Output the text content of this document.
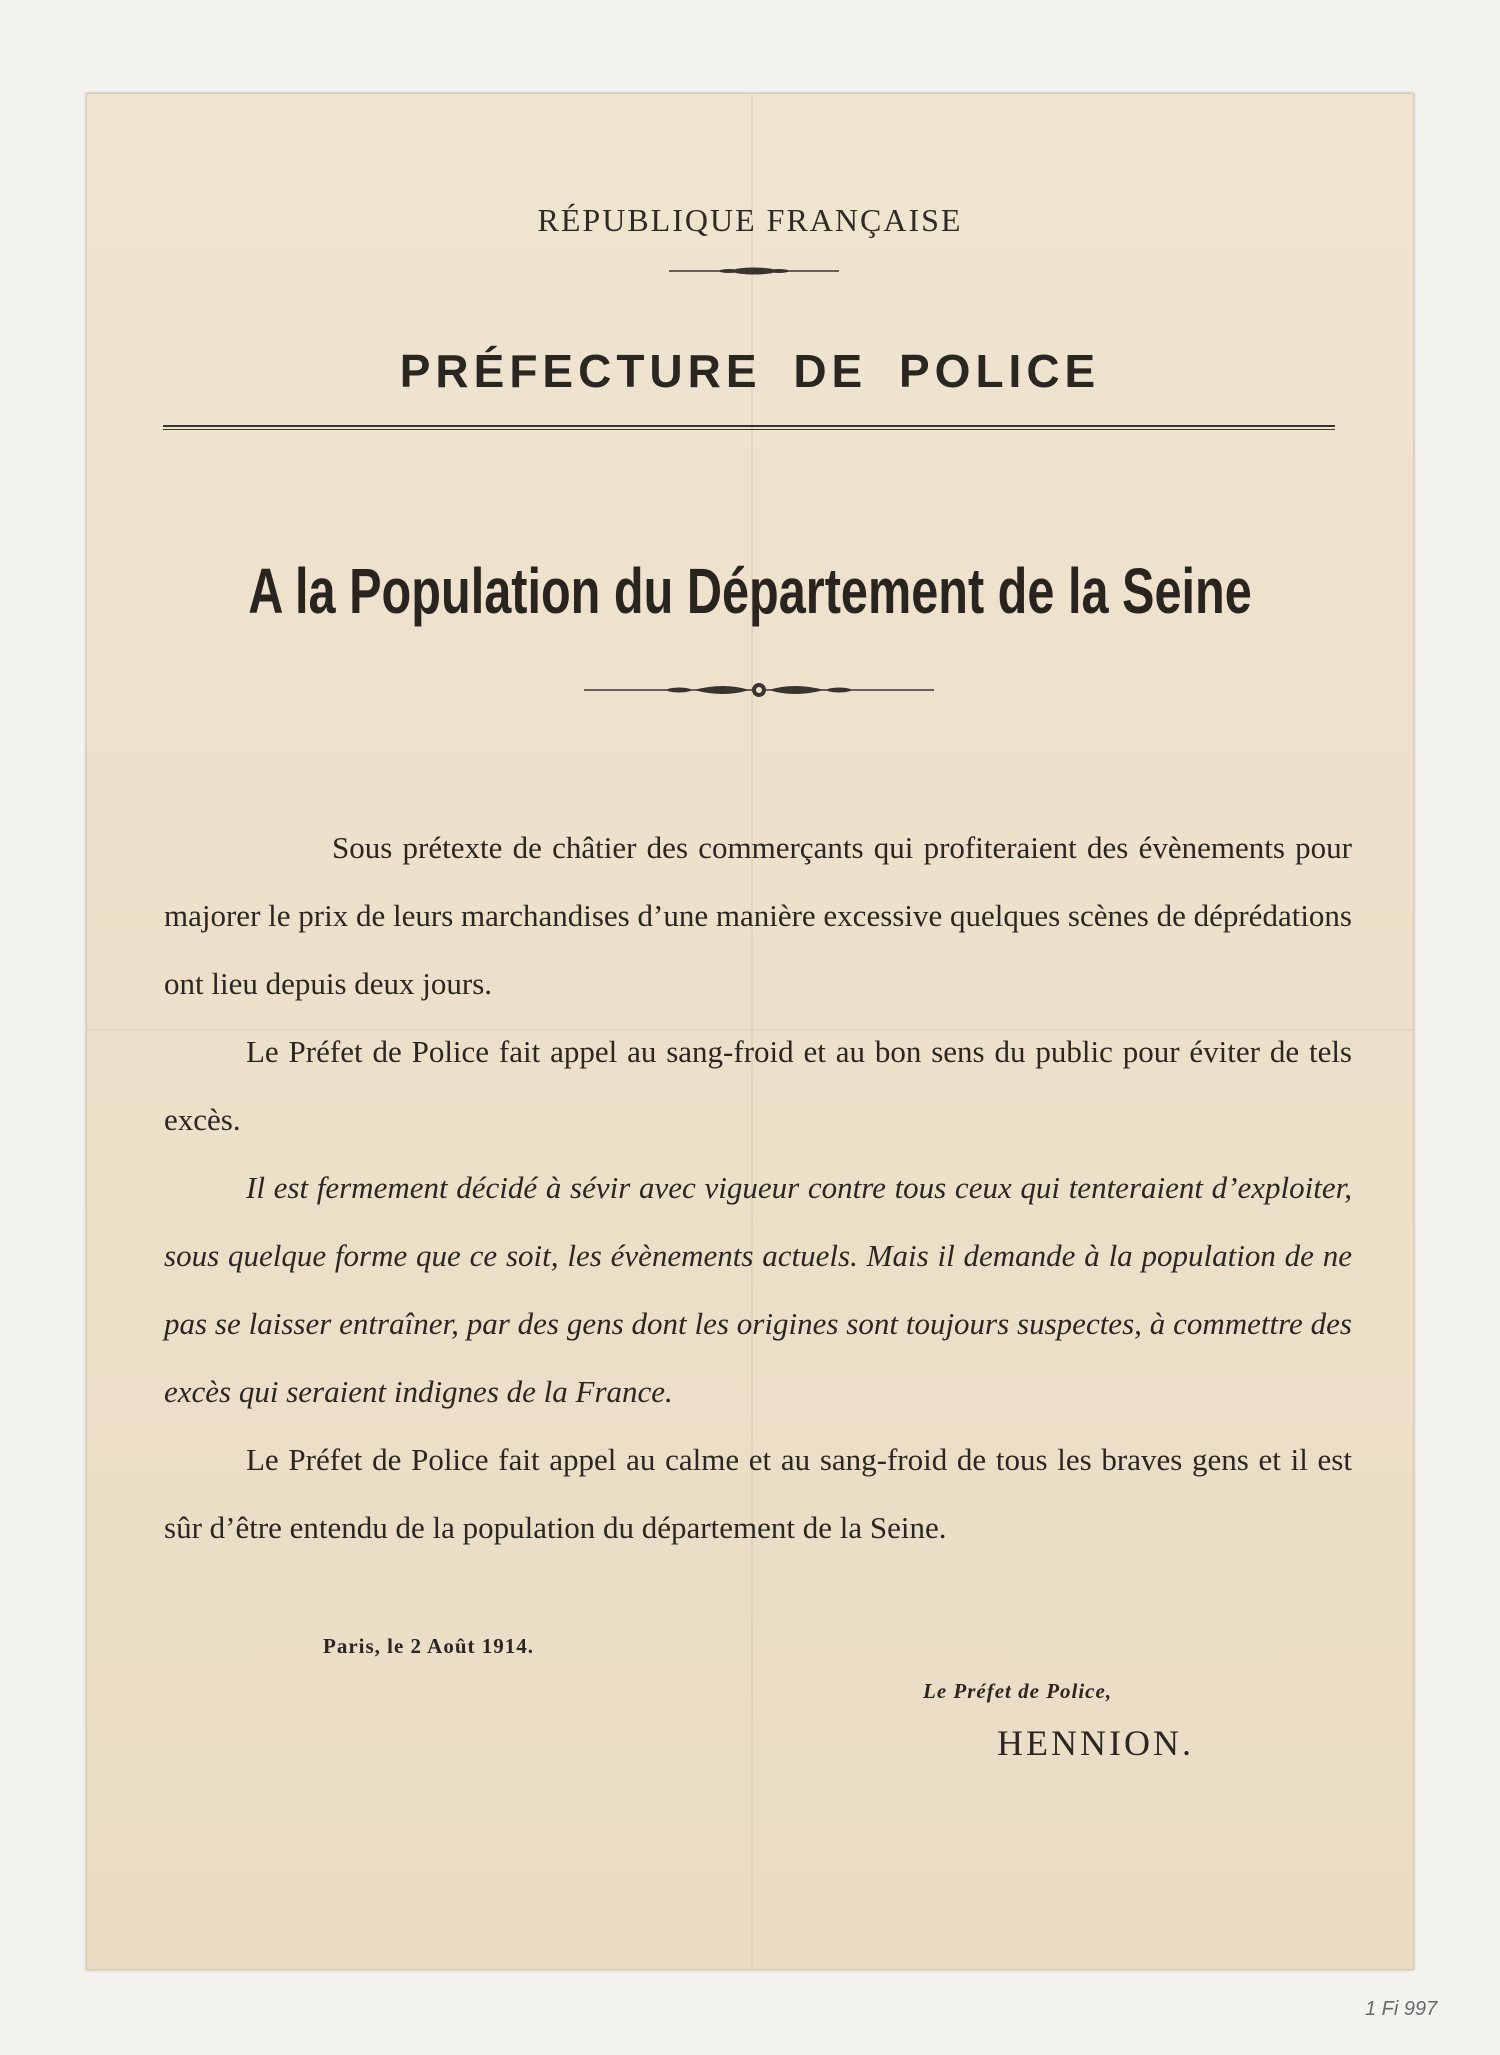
RÉPUBLIQUE FRANÇAISE
PRÉFECTURE DE POLICE
A la Population du Département de la Seine

Sous prétexte de châtier des commerçants qui profiteraient des évènements pour majorer le prix de leurs marchandises d’une manière excessive quelques scènes de déprédations ont lieu depuis deux jours.

Le Préfet de Police fait appel au sang-froid et au bon sens du public pour éviter de tels excès.

Il est fermement décidé à sévir avec vigueur contre tous ceux qui tenteraient d’exploiter, sous quelque forme que ce soit, les évènements actuels. Mais il demande à la population de ne pas se laisser entraîner, par des gens dont les origines sont toujours suspectes, à commettre des excès qui seraient indignes de la France.

Le Préfet de Police fait appel au calme et au sang-froid de tous les braves gens et il est sûr d’être entendu de la population du département de la Seine.

Paris, le 2 Août 1914.
Le Préfet de Police,
HENNION.
1 Fi 997
